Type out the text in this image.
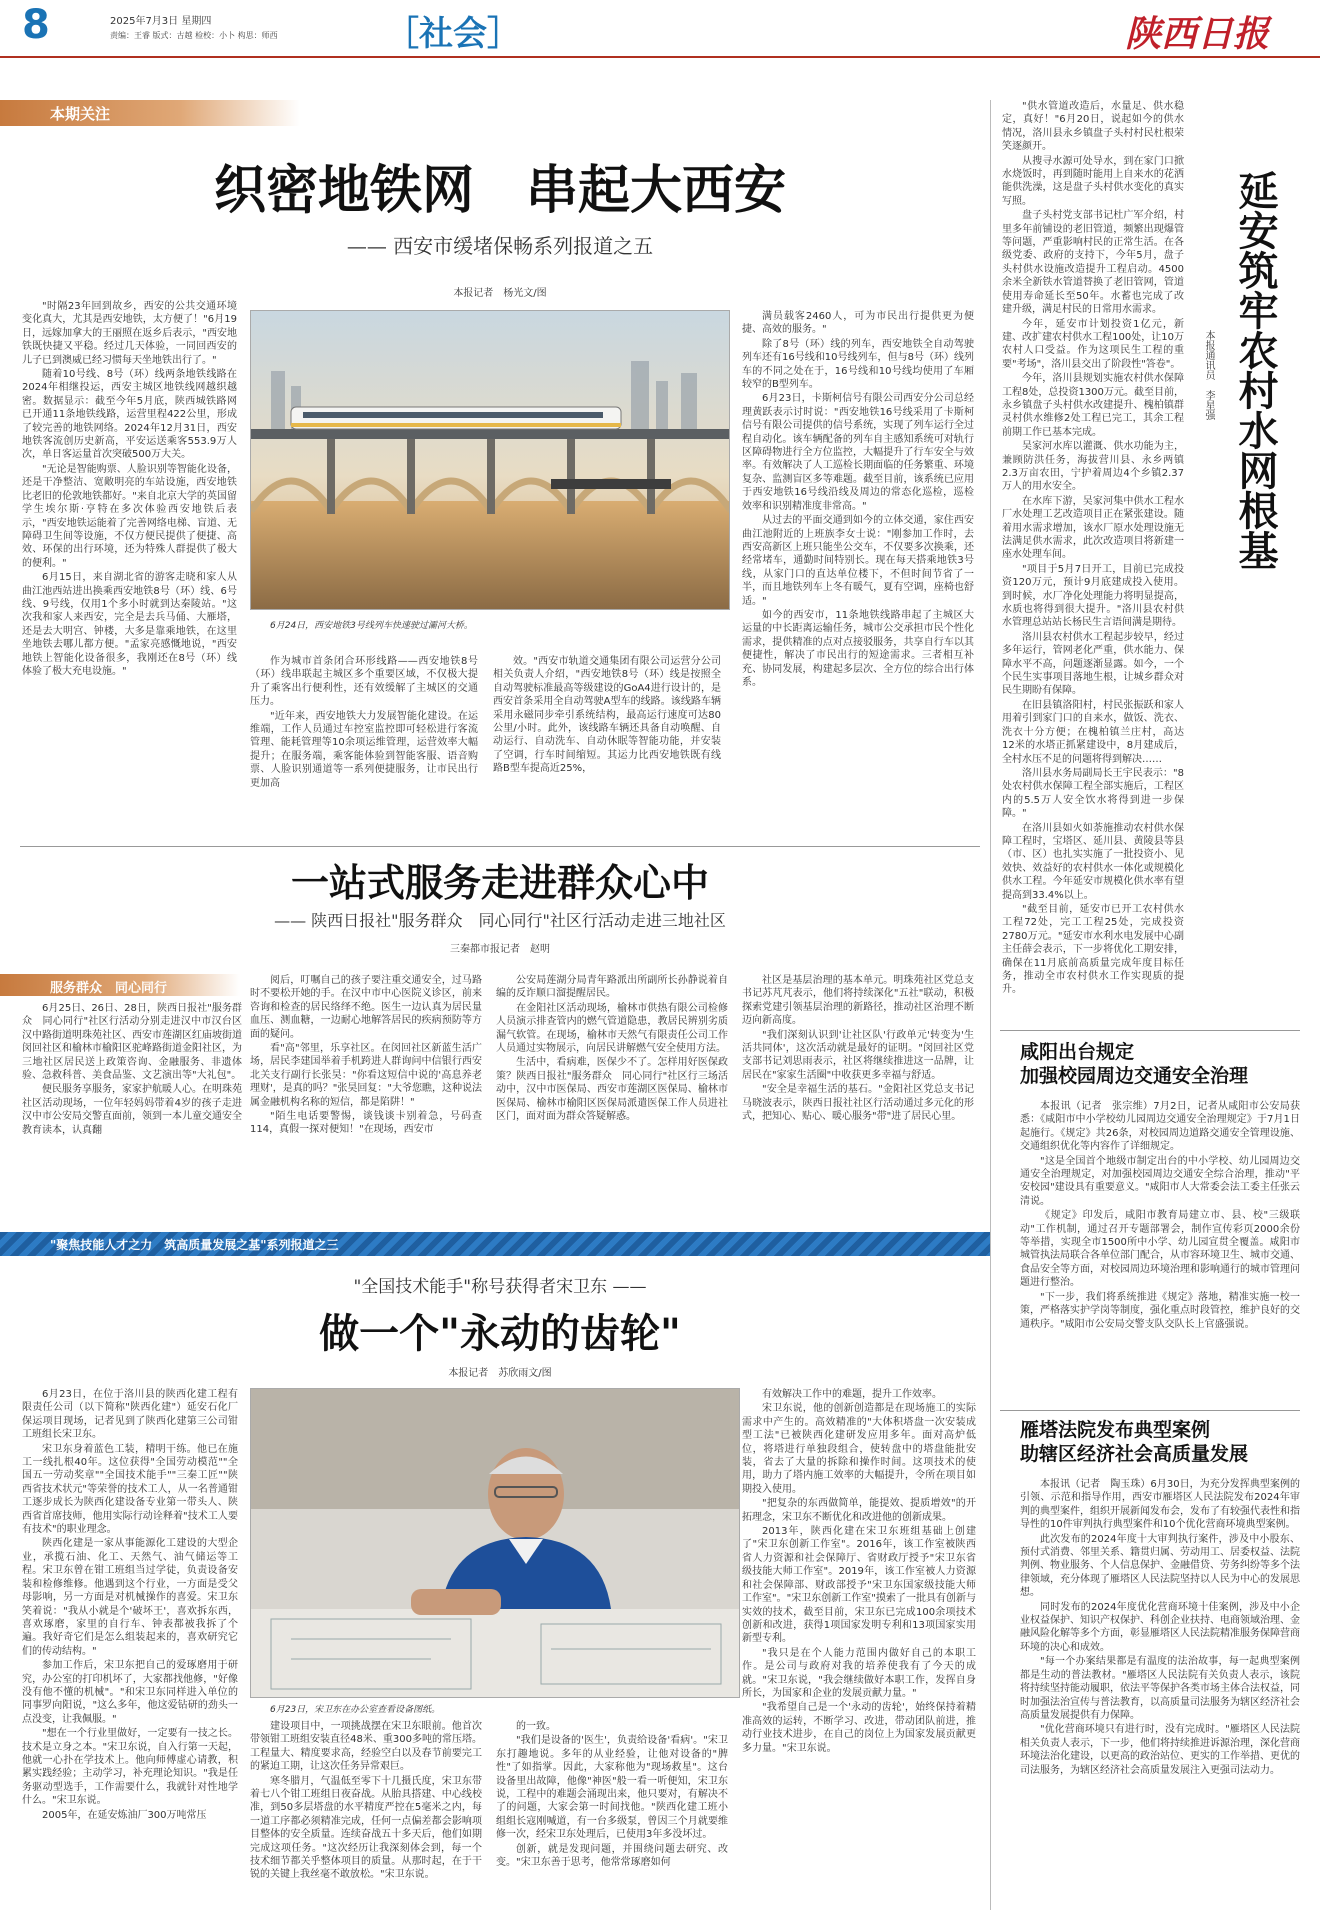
8	2025年7月3日 星期四
责编：王睿 版式：古越 检校：小卜 构思：师西	［社会］	陕西日报
本期关注
织密地铁网　串起大西安
—— 西安市缓堵保畅系列报道之五
本报记者　杨光文/图

"时隔23年回到故乡，西安的公共交通环境变化真大，尤其是西安地铁，太方便了！"6月19日，远嫁加拿大的王丽照在返乡后表示，"西安地铁既快捷又平稳。经过几天体验，一同回西安的儿子已到澳威已经习惯每天坐地铁出行了。"

随着10号线、8号（环）线两条地铁线路在2024年相继投运，西安主城区地铁线网越织越密。数据显示：截至今年5月底，陕西城铁路网已开通11条地铁线路，运营里程422公里，形成了较完善的地铁网络。2024年12月31日，西安地铁客流创历史新高，平安运送乘客553.9万人次，单日客运量首次突破500万大关。

"无论是智能购票、人脸识别等智能化设备，还是干净整洁、宽敞明亮的车站设施，西安地铁比老旧的伦敦地铁都好。"来自北京大学的英国留学生埃尔斯·亨特在多次体验西安地铁后表示，"西安地铁运能着了完善网络电梯、盲道、无障碍卫生间等设施，不仅方便民提供了便捷、高效、环保的出行环境，还为特殊人群提供了极大的便利。"

6月15日，来自湖北省的游客走晓和家人从曲江池西站进出换乘西安地铁8号（环）线、6号线、9号线，仅用1个多小时就到达秦陵站。"这次我和家人来西安，完全是去兵马俑、大雁塔，还是去大明宫、钟楼，大多是靠乘地铁，在这里坐地铁去哪儿都方便。"孟家亮感慨地说，"西安地铁上智能化设备很多，我刚还在8号（环）线体验了极大充电设施。"

6月24日，西安地铁3号线列车快速驶过灞河大桥。

作为城市首条闭合环形线路——西安地铁8号（环）线串联起主城区多个重要区域，不仅极大提升了乘客出行便利性，还有效缓解了主城区的交通压力。

"近年来，西安地铁大力发展智能化建设。在运维端，工作人员通过车控室监控即可轻松进行客流管理、能耗管理等10余项运维管理，运营效率大幅提升；在服务端，乘客能体验到智能客服、语音购票、人脸识别通道等一系列便捷服务，让市民出行更加高

效。"西安市轨道交通集团有限公司运营分公司相关负责人介绍，"西安地铁8号（环）线是按照全自动驾驶标准最高等级建设的GoA4进行设计的，是西安首条采用全自动驾驶A型车的线路。该线路车辆采用永磁同步牵引系统结构，最高运行速度可达80公里/小时。此外，该线路车辆还具备自动唤醒、自动运行、自动洗车、自动休眠等智能功能，并安装了空调，行车时间缩短。其运力比西安地铁既有线路B型车提高近25%，

满员载客2460人，可为市民出行提供更为便捷、高效的服务。"

除了8号（环）线的列车，西安地铁全自动驾驶列车还有16号线和10号线列车，但与8号（环）线列车的不同之处在于，16号线和10号线均使用了车厢较窄的B型列车。

6月23日，卡斯柯信号有限公司西安分公司总经理黄跃表示讨时说："西安地铁16号线采用了卡斯柯信号有限公司提供的信号系统，实现了列车运行全过程自动化。该车辆配备的列车自主感知系统可对轨行区障碍物进行全方位监控，大幅提升了行车安全与效率。有效解决了人工巡检长期面临的任务繁重、环境复杂、监测盲区多等难题。截至目前，该系统已应用于西安地铁16号线沿线及周边的常态化巡检，巡检效率和识别精准度非常高。"

从过去的平面交通到如今的立体交通，家住西安曲江池附近的上班族李女士说："刚参加工作时，去西安高新区上班只能坐公交车，不仅要多次换乘，还经常堵车，通勤时间特别长。现在每天搭乘地铁3号线，从家门口的直达单位楼下，不但时间节省了一半，而且地铁列车上冬有暖气，夏有空调，座椅也舒适。"

如今的西安市，11条地铁线路串起了主城区大运量的中长距离运输任务，城市公交承担市民个性化需求，提供精准的点对点接驳服务，共享自行车以其便捷性，解决了市民出行的短途需求。三者相互补充、协同发展，构建起多层次、全方位的综合出行体系。

"供水管道改造后，水量足、供水稳定，真好！"6月20日，说起如今的供水情况，洛川县永乡镇盘子头村村民杜根荣笑逐颜开。

从搜寻水源可处导水，到在家门口掀水烧饭时，再到随时能用上自来水的花洒能供洗澡，这是盘子头村供水变化的真实写照。

盘子头村党支部书记杜广军介绍，村里多年前铺设的老旧管道，频繁出现爆管等问题，严重影响村民的正常生活。在各级党委、政府的支持下，今年5月，盘子头村供水设施改造提升工程启动。4500余米全新铁水管道替换了老旧管网，管道使用寿命延长至50年。水蓄也完成了改建升级，满足村民的日常用水需求。

今年，延安市计划投资1亿元，新建、改扩建农村供水工程100处，让10万农村人口受益。作为这项民生工程的重要"考场"，洛川县交出了阶段性"答卷"。

今年，洛川县规划实施农村供水保障工程8处，总投资1300万元。截至目前，永乡镇盘子头村供水改建提升、槐柏镇群灵村供水维修2处工程已完工，其余工程前期工作已基本完成。

吴家河水库以灌溉、供水功能为主，兼顾防洪任务，海拔营川县、永乡两镇2.3万亩农田，宁护着周边4个乡镇2.37万人的用水安全。

在水库下游，吴家河集中供水工程水厂水处理工艺改造项目正在紧张建设。随着用水需求增加，该水厂原水处理设施无法满足供水需求，此次改造项目将新建一座水处理车间。

"项目于5月7日开工，目前已完成投资120万元，预计9月底建成投入使用。到时候，水厂净化处理能力将明显提高，水质也将得到很大提升。"洛川县农村供水管理总站站长杨民生言语间满是期待。

洛川县农村供水工程起步较早，经过多年运行，管网老化严重，供水能力、保障水平不高，问题逐渐显露。如今，一个个民生实事项目落地生根，让城乡群众对民生期盼有保障。

在旧县镇洛阳村，村民张振跃和家人用着引到家门口的自来水，做饭、洗衣、洗衣十分方便；在槐柏镇兰庄村，高达12米的水塔正抓紧建设中，8月建成后，全村水压不足的问题将得到解决……

洛川县水务局副局长王宇民表示："8处农村供水保障工程全部实施后，工程区内的5.5万人安全饮水将得到进一步保障。"

在洛川县如火如荼施推动农村供水保障工程时，宝塔区、延川县、黄陵县等县（市、区）也扎实实施了一批投资小、见效快、效益好的农村供水一体化或规模化供水工程。今年延安市规模化供水率有望提高到33.4%以上。

"截至目前，延安市已开工农村供水工程72处，完工工程25处，完成投资2780万元。"延安市水利水电发展中心副主任薛会表示，下一步将优化工期安排，确保在11月底前高质量完成年度目标任务，推动全市农村供水工作实现质的提升。

延安筑牢农村水网根基
本报通讯员　李星强
一站式服务走进群众心中
—— 陕西日报社"服务群众　同心同行"社区行活动走进三地社区
三秦都市报记者　赵明
服务群众　同心同行

6月25日、26日、28日，陕西日报社"服务群众　同心同行"社区行活动分别走进汉中市汉台区汉中路街道明珠苑社区、西安市莲湖区红庙坡街道闵回社区和榆林市榆阳区驼峰路街道金阳社区，为三地社区居民送上政策咨询、金融服务、非遗体验、急救科普、美食品鉴、文艺演出等"大礼包"。

便民服务享服务，家家护航暖人心。在明珠苑社区活动现场，一位年轻妈妈带着4岁的孩子走进汉中市公安局交警直面前，领到一本儿童交通安全教育读本，认真翻

阅后，叮嘱自己的孩子要注重交通安全，过马路时不要松开她的手。在汉中市中心医院义诊区，前来咨询和检查的居民络绎不绝。医生一边认真为居民量血压、测血糖，一边耐心地解答居民的疾病预防等方面的疑问。

看"高"邻里，乐享社区。在闵回社区新蓝生活广场，居民李建国举着手机跨进人群询问中信银行西安北关支行副行长张昊："你看这短信中说的'高息养老理财'，是真的吗？"张昊回复："大爷您瞧，这种说法属金融机构名称的短信，都是陷阱！"

"陌生电话要警惕，谈钱谈卡别着急，号码查114，真假一探对便知！"在现场，西安市

公安局莲湖分局青年路派出所副所长孙静说着自编的反诈顺口溜提醒居民。

在金阳社区活动现场，榆林市供热有限公司检修人员演示排查管内的燃气管道隐患，教居民辨别劣质漏气软管。在现场，榆林市天然气有限责任公司工作人员通过实物展示，向居民讲解燃气安全使用方法。

生活中，看病难，医保少不了。怎样用好医保政策？陕西日报社"服务群众　同心同行"社区行三场活动中，汉中市医保局、西安市莲湖区医保局、榆林市医保局、榆林市榆阳区医保局派遣医保工作人员进社区门，面对面为群众答疑解惑。

社区是基层治理的基本单元。明珠苑社区党总支书记苏芃芃表示，他们将持续深化"五社"联动，积极探索党建引领基层治理的新路径，推动社区治理不断迈向新高度。

"我们深刻认识到'让社区队'行政单元'转变为'生活共同体'，这次活动就是最好的证明。"闵回社区党支部书记刘思雨表示，社区将继续推进这一品牌，让居民在"家家生活圈"中收获更多幸福与舒适。

"安全是幸福生活的基石。"金阳社区党总支书记马晓波表示，陕西日报社社区行活动通过多元化的形式，把知心、贴心、暖心服务"带"进了居民心里。

咸阳出台规定
加强校园周边交通安全治理

本报讯（记者　张宗维）7月2日，记者从咸阳市公安局获悉：《咸阳市中小学校幼儿园周边交通安全治理规定》于7月1日起施行。《规定》共26条，对校园周边道路交通安全管理设施、交通组织优化等内容作了详细规定。

"这是全国首个地级市制定出台的中小学校、幼儿园周边交通安全治理规定，对加强校园周边交通安全综合治理，推动"平安校园"建设具有重要意义。"咸阳市人大常委会法工委主任张云清说。

《规定》印发后，咸阳市教育局建立市、县、校"三级联动"工作机制，通过召开专题部署会，制作宣传彩页2000余份等举措，实现全市1500所中小学、幼儿园宣贯全覆盖。咸阳市城管执法局联合各单位部门配合，从市容环境卫生、城市交通、食品安全等方面，对校园周边环境治理和影响通行的城市管理问题进行整治。

"下一步，我们将系统推进《规定》落地，精准实施一校一策，严格落实护学岗等制度，强化重点时段管控，维护良好的交通秩序。"咸阳市公安局交警支队交队长上官盛强说。

"聚焦技能人才之力　筑高质量发展之基"系列报道之三
"全国技术能手"称号获得者宋卫东 ——
做一个"永动的齿轮"
本报记者　苏欣雨文/图

6月23日，在位于洛川县的陕西化建工程有限责任公司（以下简称"陕西化建"）延安石化厂保运项目现场，记者见到了陕西化建第三公司钳工班组长宋卫东。

宋卫东身着蓝色工装，精明干练。他已在施工一线扎根40年。这位获得"全国劳动模范""全国五一劳动奖章""全国技术能手""三秦工匠""陕西省技术状元"等荣誉的技术工人，从一名普通钳工逐步成长为陕西化建设备专业第一带头人、陕西省首席技师，他用实际行动诠释着"技术工人要有技术"的职业理念。

陕西化建是一家从事能源化工建设的大型企业，承揽石油、化工、天然气、油气储运等工程。宋卫东曾在钳工班组当过学徒，负责设备安装和检修维修。他遇到这个行业，一方面是受父母影响，另一方面是对机械操作的喜爱。宋卫东笑着说："我从小就是个'破坏王'，喜欢拆东西，喜欢琢磨，家里的自行车、钟表都被我拆了个遍。我好奇它们是怎么组装起来的，喜欢研究它们的传动结构。"

参加工作后，宋卫东把自己的爱琢磨用于研究，办公室的打印机坏了，大家都找他修，"好像没有他不懂的机械"。"和宋卫东同样进入单位的同事罗向阳说，"这么多年，他这爱钻研的劲头一点没变，让我佩服。"

"想在一个行业里做好，一定要有一技之长。技术是立身之本。"宋卫东说，自入行第一天起，他就一心扑在学技术上。他向师傅虚心请教，积累实践经验；主动学习，补充理论知识。"我是任务驱动型选手，工作需要什么，我就针对性地学什么。"宋卫东说。

2005年，在延安炼油厂300万吨常压

6月23日，宋卫东在办公室查看设备图纸。

建设项目中，一项挑战摆在宋卫东眼前。他首次带领钳工班组安装直径48米、重300多吨的常压塔。工程量大、精度要求高，经验空白以及春节前要完工的紧迫工期，让这次任务异常艰巨。

寒冬腊月，气温低至零下十几摄氏度，宋卫东带着七八个钳工班组日夜奋战。从胎具搭建、中心线校准，到50多层塔盘的水平精度严控在5毫米之内，每一道工序都必须精准完成，任何一点偏差都会影响项目整体的安全质量。连续奋战五十多天后，他们如期完成这项任务。"这次经历让我深刻体会到，每一个技术细节都关乎整体项目的质量。从那时起，在于干锐的关键上我丝毫不敢放松。"宋卫东说。

的一致。

"我们是设备的'医生'，负责给设备'看病'。"宋卫东打趣地说。多年的从业经验，让他对设备的"脾性"了如指掌。因此，大家称他为"现场救星"。这台设备里出故障，他像"神医"般一看一听便知，宋卫东说，工程中的难题会涌现出来，他只要对，有解决不了的问题，大家会第一时间找他。"陕西化建工班小组组长寇刚喊道，有一台多级泵，曾因三个月就要维修一次，经宋卫东处理后，已使用3年多没坏过。

创新，就是发现问题，并围绕问题去研究、改变。"宋卫东善于思考，他常常琢磨如何

有效解决工作中的难题，提升工作效率。

宋卫东说，他的创新创造都是在现场施工的实际需求中产生的。高效精准的"大体积塔盘一次安装成型工法"已被陕西化建研发应用多年。面对高炉低位，将塔进行单独段组合，使转盘中的塔盘能批安装，省去了大量的拆除和操作时间。这项技术的使用，助力了塔内施工效率的大幅提升，令所在项目如期投入使用。

"把复杂的东西做简单，能提效、提质增效"的开拓理念，宋卫东不断优化和改进他的创新成果。

2013年，陕西化建在宋卫东班组基础上创建了"宋卫东创新工作室"。2016年，该工作室被陕西省人力资源和社会保障厅、省财政厅授予"宋卫东省级技能大师工作室"。2019年，该工作室被人力资源和社会保障部、财政部授予"宋卫东国家级技能大师工作室"。"宋卫东创新工作室"摸索了一批具有创新与实效的技术，截至目前，宋卫东已完成100余项技术创新和改进，获得1项国家发明专利和13项国家实用新型专利。

"我只是在个人能力范围内做好自己的本职工作。是公司与政府对我的培养使我有了今天的成就。"宋卫东说，"我会继续做好本职工作，发挥自身所长，为国家和企业的发展贡献力量。"

"我希望自己是一个'永动的齿轮'，始终保持着精准高效的运转，不断学习、改进，带动团队前进，推动行业技术进步，在自己的岗位上为国家发展贡献更多力量。"宋卫东说。

雁塔法院发布典型案例
助辖区经济社会高质量发展

本报讯（记者　陶玉珠）6月30日，为充分发挥典型案例的引领、示范和指导作用，西安市雁塔区人民法院发布2024年审判的典型案件，组织开展新闻发布会，发布了有较强代表性和指导性的10件审判执行典型案件和10个优化营商环境典型案例。

此次发布的2024年度十大审判执行案件，涉及中小股东、预付式消费、邻里关系、籍贯归属、劳动用工、居委权益、法院判例、物业服务、个人信息保护、金融借贷、劳务纠纷等多个法律领域，充分体现了雁塔区人民法院坚持以人民为中心的发展思想。

同时发布的2024年度优化营商环境十佳案例，涉及中小企业权益保护、知识产权保护、科创企业扶持、电商领域治理、金融风险化解等多个方面，彰显雁塔区人民法院精准服务保障营商环境的决心和成效。

"每一个办案结果都是有温度的法治故事，每一起典型案例都是生动的普法教材。"雁塔区人民法院有关负责人表示，该院将持续坚持能动履职，依法平等保护各类市场主体合法权益，同时加强法治宣传与普法教育，以高质量司法服务为辖区经济社会高质量发展提供有力保障。

"优化营商环境只有进行时，没有完成时。"雁塔区人民法院相关负责人表示，下一步，他们将持续推进诉源治理，深化营商环境法治化建设，以更高的政治站位、更实的工作举措、更优的司法服务，为辖区经济社会高质量发展注入更强司法动力。
